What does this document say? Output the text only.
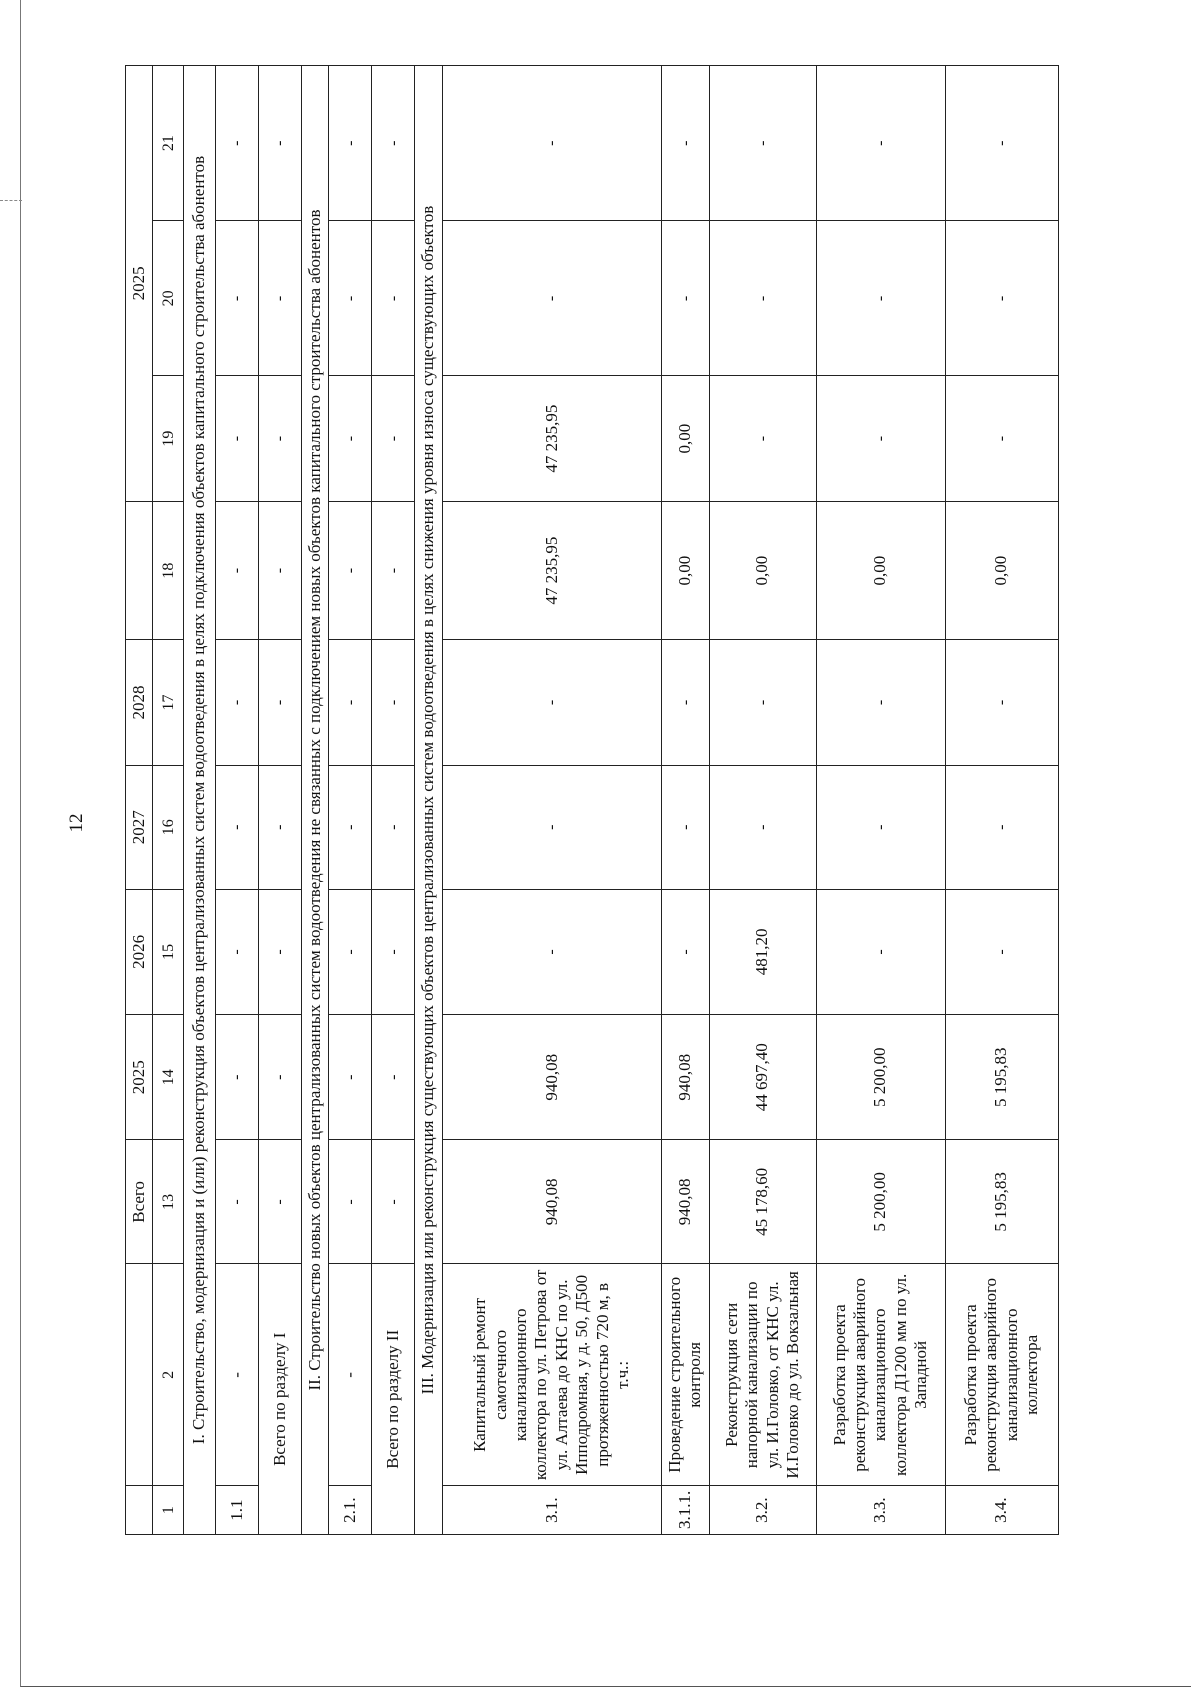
12
		Всего	2025	2026	2027	2028		2025		
1	2	13	14	15	16	17	18	19	20	21

I. Строительство, модернизация и (или) реконструкция объектов централизованных систем водоотведения в целях подключения объектов капитального строительства абонентов										

1.1	-	-	-	-	-	-	-	-	-	-
Всего по разделу I		-	-	-	-	-	-	-	-	-
II. Строительство новых объектов централизованных систем водоотведения не связанных с подключением новых объектов капитального строительства абонентов										
2.1.	-	-	-	-	-	-	-	-	-	-
Всего по разделу II		-	-	-	-	-	-	-	-	-
III. Модернизация или реконструкция существующих объектов централизованных систем водоотведения в целях снижения уровня износа существующих объектов										
3.1.	Капитальный ремонт самотечного канализационного коллектора по ул. Петрова от ул. Алтаева до КНС по ул. Ипподромная, у д. 50, Д500 протяженностью 720 м, в т.ч.:	940,08	940,08	-	-	-	47 235,95	47 235,95	-	-
3.1.1.	Проведение строительного контроля	940,08	940,08	-	-	-	0,00	0,00	-	-
3.2.	Реконструкция сети напорной канализации по ул. И.Головко, от КНС ул. И.Головко до ул. Вокзальная	45 178,60	44 697,40	481,20	-	-	0,00	-	-	-
3.3.	Разработка проекта реконструкция аварийного канализационного коллектора Д1200 мм по ул. Западной	5 200,00	5 200,00	-	-	-	0,00	-	-	-
3.4.	Разработка проекта реконструкция аварийного канализационного коллектора	5 195,83	5 195,83	-	-	-	0,00	-	-	-
